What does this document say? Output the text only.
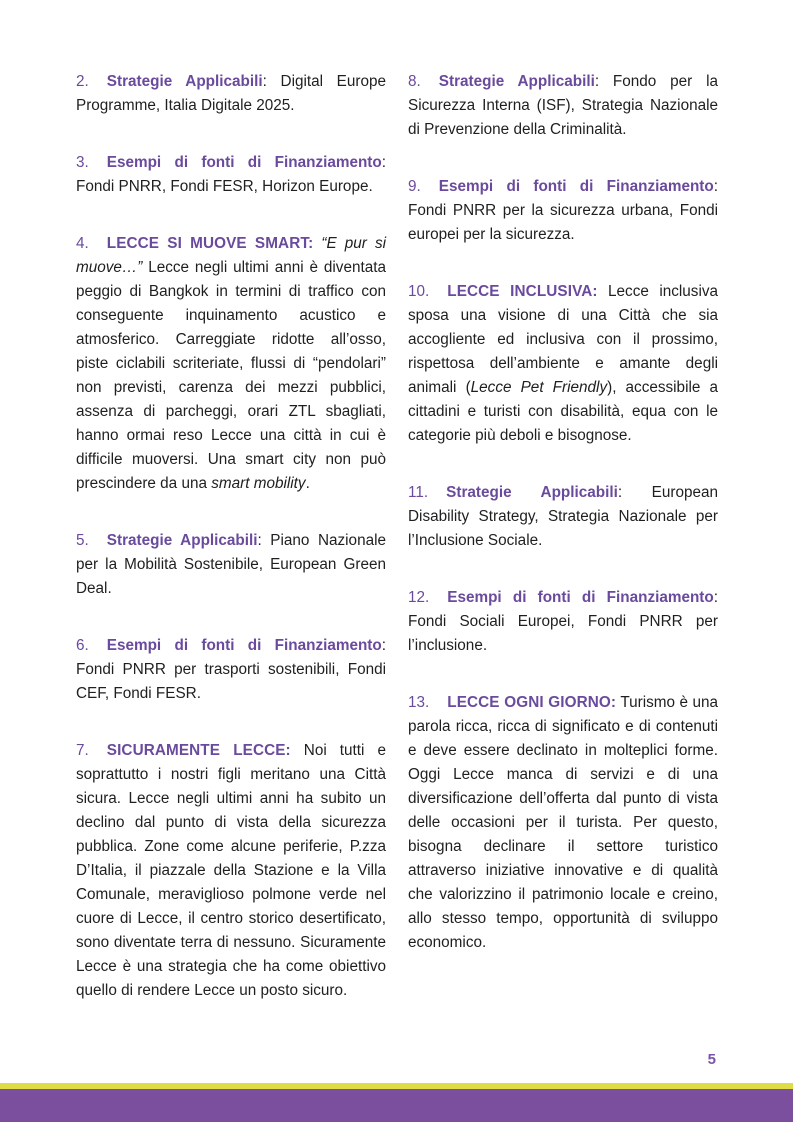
2. Strategie Applicabili: Digital Europe Programme, Italia Digitale 2025.

3. Esempi di fonti di Finanziamento: Fondi PNRR, Fondi FESR, Horizon Europe.

4. LECCE SI MUOVE SMART: “E pur si muove…” Lecce negli ultimi anni è diventata peggio di Bangkok in termini di traffico con conseguente inquinamento acustico e atmosferico. Carreggiate ridotte all’osso, piste ciclabili scriteriate, flussi di “pendolari” non previsti, carenza dei mezzi pubblici, assenza di parcheggi, orari ZTL sbagliati, hanno ormai reso Lecce una città in cui è difficile muoversi. Una smart city non può prescindere da una smart mobility.

5. Strategie Applicabili: Piano Nazionale per la Mobilità Sostenibile, European Green Deal.

6. Esempi di fonti di Finanziamento: Fondi PNRR per trasporti sostenibili, Fondi CEF, Fondi FESR.

7. SICURAMENTE LECCE: Noi tutti e soprattutto i nostri figli meritano una Città sicura. Lecce negli ultimi anni ha subito un declino dal punto di vista della sicurezza pubblica. Zone come alcune periferie, P.zza D’Italia, il piazzale della Stazione e la Villa Comunale, meraviglioso polmone verde nel cuore di Lecce, il centro storico desertificato, sono diventate terra di nessuno. Sicuramente Lecce è una strategia che ha come obiettivo quello di rendere Lecce un posto sicuro.

8. Strategie Applicabili: Fondo per la Sicurezza Interna (ISF), Strategia Nazionale di Prevenzione della Criminalità.

9. Esempi di fonti di Finanziamento: Fondi PNRR per la sicurezza urbana, Fondi europei per la sicurezza.

10. LECCE INCLUSIVA: Lecce inclusiva sposa una visione di una Città che sia accogliente ed inclusiva con il prossimo, rispettosa dell’ambiente e amante degli animali (Lecce Pet Friendly), accessibile a cittadini e turisti con disabilità, equa con le categorie più deboli e bisognose.

11. Strategie Applicabili: European Disability Strategy, Strategia Nazionale per l’Inclusione Sociale.

12. Esempi di fonti di Finanziamento: Fondi Sociali Europei, Fondi PNRR per l’inclusione.

13. LECCE OGNI GIORNO: Turismo è una parola ricca, ricca di significato e di contenuti e deve essere declinato in molteplici forme. Oggi Lecce manca di servizi e di una diversificazione dell’offerta dal punto di vista delle occasioni per il turista. Per questo, bisogna declinare il settore turistico attraverso iniziative innovative e di qualità che valorizzino il patrimonio locale e creino, allo stesso tempo, opportunità di sviluppo economico.

5
